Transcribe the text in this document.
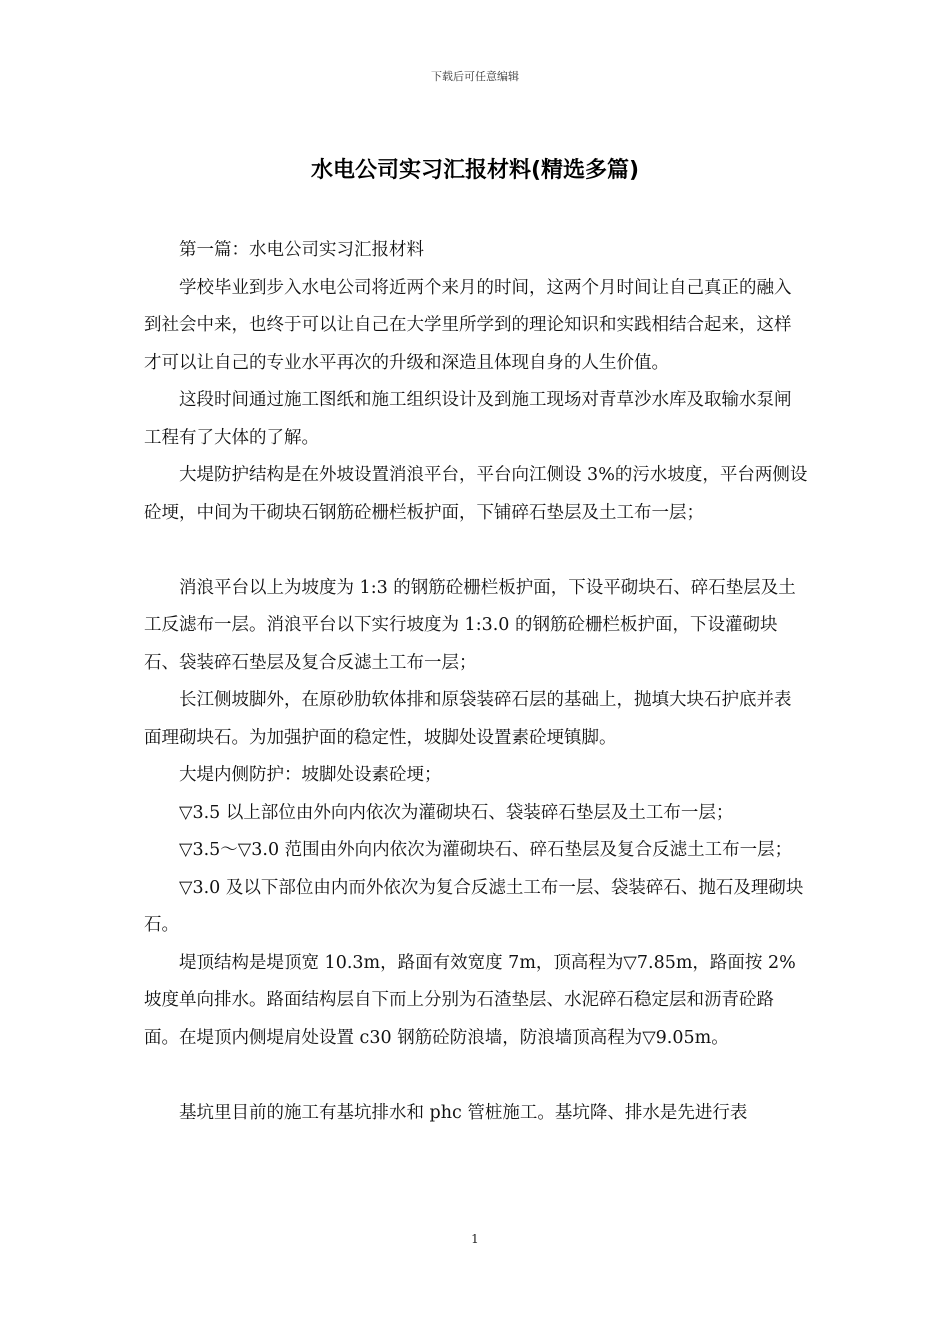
下载后可任意编辑
水电公司实习汇报材料(精选多篇)

第一篇：水电公司实习汇报材料

学校毕业到步入水电公司将近两个来月的时间，这两个月时间让自己真正的融入到社会中来，也终于可以让自己在大学里所学到的理论知识和实践相结合起来，这样才可以让自己的专业水平再次的升级和深造且体现自身的人生价值。

这段时间通过施工图纸和施工组织设计及到施工现场对青草沙水库及取输水泵闸工程有了大体的了解。

大堤防护结构是在外坡设置消浪平台，平台向江侧设 3%的污水坡度，平台两侧设砼埂，中间为干砌块石钢筋砼栅栏板护面，下铺碎石垫层及土工布一层；

消浪平台以上为坡度为 1:3 的钢筋砼栅栏板护面，下设平砌块石、碎石垫层及土工反滤布一层。消浪平台以下实行坡度为 1:3.0 的钢筋砼栅栏板护面，下设灌砌块石、袋装碎石垫层及复合反滤土工布一层；

长江侧坡脚外，在原砂肋软体排和原袋装碎石层的基础上，抛填大块石护底并表面理砌块石。为加强护面的稳定性，坡脚处设置素砼埂镇脚。

大堤内侧防护：坡脚处设素砼埂；

▽3.5 以上部位由外向内依次为灌砌块石、袋装碎石垫层及土工布一层；

▽3.5～▽3.0 范围由外向内依次为灌砌块石、碎石垫层及复合反滤土工布一层；

▽3.0 及以下部位由内而外依次为复合反滤土工布一层、袋装碎石、抛石及理砌块石。

堤顶结构是堤顶宽 10.3m，路面有效宽度 7m，顶高程为▽7.85m，路面按 2%坡度单向排水。路面结构层自下而上分别为石渣垫层、水泥碎石稳定层和沥青砼路面。在堤顶内侧堤肩处设置 c30 钢筋砼防浪墙，防浪墙顶高程为▽9.05m。

基坑里目前的施工有基坑排水和 phc 管桩施工。基坑降、排水是先进行表

1
